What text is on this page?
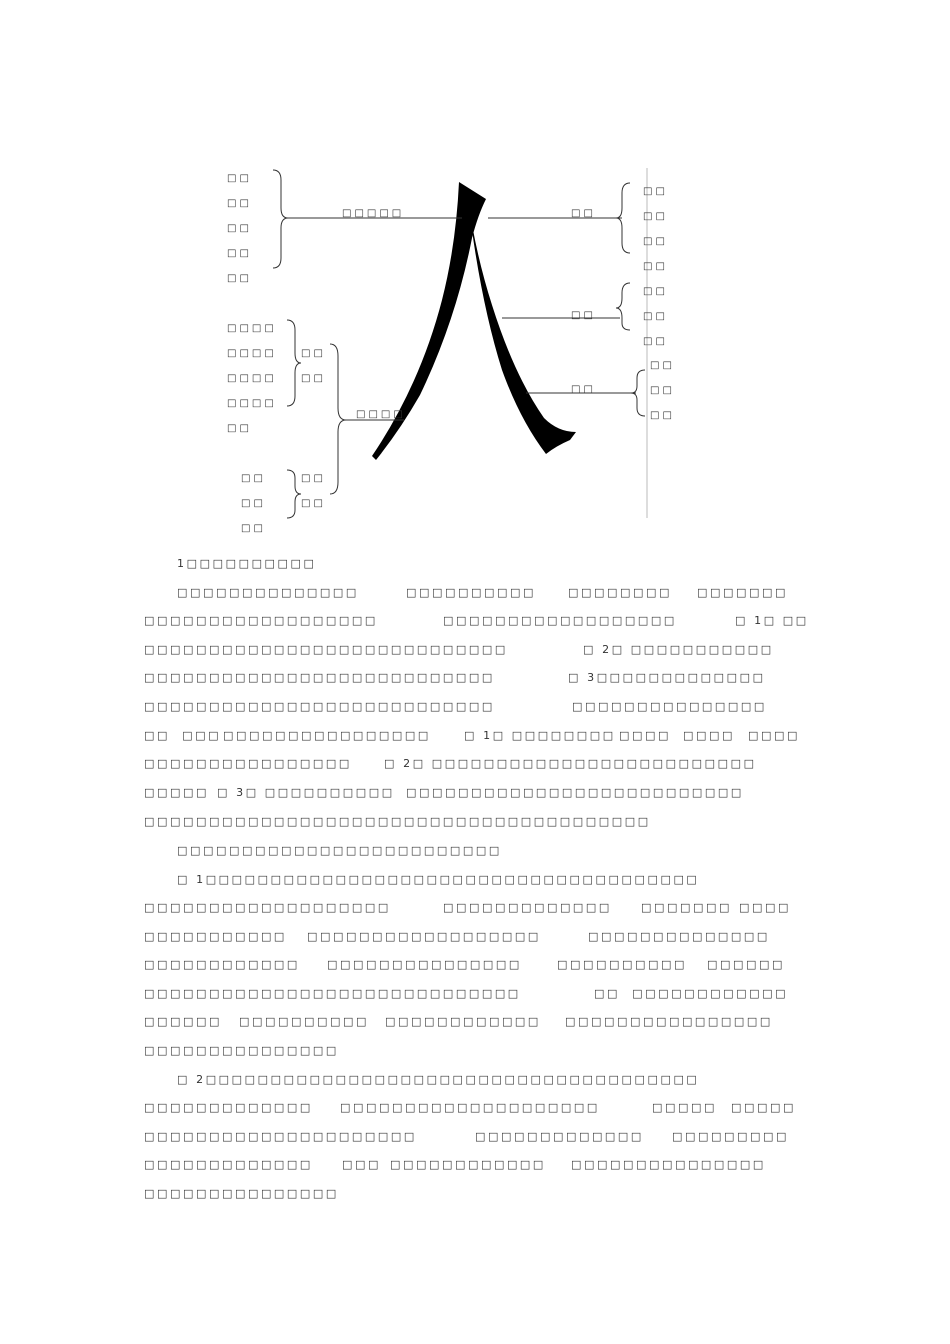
□□
□□
□□
□□
□□
□□□□□
□□□□
□□□□
□□□□
□□□□
□□
□□
□□
□□
□□
□□
□□
□□
□□□□
□□
□□
□□
□□
□□
□□
□□
□□
□□
□□
□□
□□
□□
1□□□□□□□□□□
□□□□□□□□□□□□□□	□□□□□□□□□□	□□□□□□□□ □□□□□□□
□□□□□□□□□□□□□□□□□□	□□□□□□□□□□□□□□□□□□	□ 1□ □□
□□□□□□□□□□□□□□□□□□□□□□□□□□□□	□ 2□ □□□□□□□□□□□
□□□□□□□□□□□□□□□□□□□□□□□□□□□	□ 3□□□□□□□□□□□□□
□□□□□□□□□□□□□□□□□□□□□□□□□□□	□□□□□□□□□□□□□□□
□□  □□□ □□□□□□□□□□□□□□□□	□ 1□ □□□□□□□□ □□□□ □□□□ □□□□
□□□□□□□□□□□□□□□□	□ 2□ □□□□□□□□□□□□□□□□□□□□□□□□□
□□□□□ □ 3□ □□□□□□□□□□ □□□□□□□□□□□□□□□□□□□□□□□□□□
□□□□□□□□□□□□□□□□□□□□□□□□□□□□□□□□□□□□□□□
□□□□□□□□□□□□□□□□□□□□□□□□□
□ 1□□□□□□□□□□□□□□□□□□□□□□□□□□□□□□□□□□□□□□
□□□□□□□□□□□□□□□□□□□	□□□□□□□□□□□□□	□□□□□□□ □□□□
□□□□□□□□□□□ □□□□□□□□□□□□□□□□□□	□□□□□□□□□□□□□□
□□□□□□□□□□□□ □□□□□□□□□□□□□□□	□□□□□□□□□□ □□□□□□
□□□□□□□□□□□□□□□□□□□□□□□□□□□□□	□□  □□□□□□□□□□□□
□□□□□□ □□□□□□□□□□ □□□□□□□□□□□□ □□□□□□□□□□□□□□□□
□□□□□□□□□□□□□□□
□ 2□□□□□□□□□□□□□□□□□□□□□□□□□□□□□□□□□□□□□□
□□□□□□□□□□□□□ □□□□□□□□□□□□□□□□□□□□	□□□□□ □□□□□
□□□□□□□□□□□□□□□□□□□□□	□□□□□□□□□□□□□	□□□□□□□□□
□□□□□□□□□□□□□	□□□ □□□□□□□□□□□□ □□□□□□□□□□□□□□□
□□□□□□□□□□□□□□□
